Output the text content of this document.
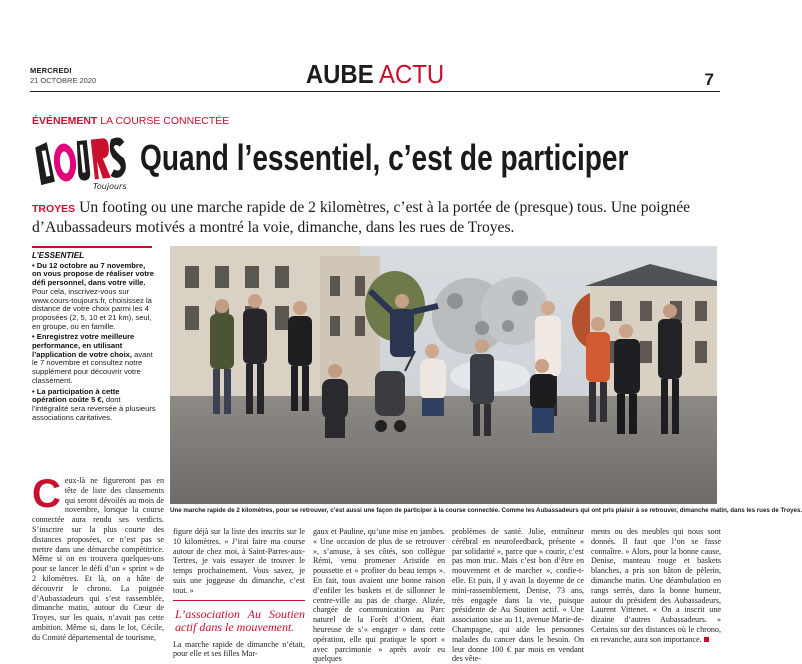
MERCREDI
21 OCTOBRE 2020	AUBE ACTU	7
ÉVÉNEMENT LA COURSE CONNECTÉE
Toujours
Quand l’essentiel, c’est de participer
TROYES Un footing ou une marche rapide de 2 kilomètres, c’est à la portée de (presque) tous. Une poignée d’Aubassadeurs motivés a montré la voie, dimanche, dans les rues de Troyes.
L’ESSENTIEL
• Du 12 octobre au 7 novembre, on vous propose de réaliser votre défi personnel, dans votre ville. Pour cela, inscrivez-vous sur www.cours-toujours.fr, choisissez la distance de votre choix parmi les 4 proposées (2, 5, 10 et 21 km), seul, en groupe, ou en famille.
• Enregistrez votre meilleure performance, en utilisant l’application de votre choix, avant le 7 novembre et consultez notre supplément pour découvrir votre classement.
• La participation à cette opération coûte 5 €, dont l’intégralité sera reversée à plusieurs associations caritatives.
Une marche rapide de 2 kilomètres, pour se retrouver, c’est aussi une façon de participer à la course connectée. Comme les Aubassadeurs qui ont pris plaisir à se retrouver, dimanche matin, dans les rues de Troyes.
Ceux-là ne figureront pas en tête de liste des classements qui seront dévoilés au mois de novembre, lorsque la course connectée aura rendu ses verdicts. S’inscrire sur la plus courte des distances proposées, ce n’est pas se mettre dans une démarche compétitrice. Même si on en trouvera quelques-uns pour se lancer le défi d’un « sprint » de 2 kilomètres. Et là, on a hâte de découvrir le chrono. La poignée d’Aubassadeurs qui s’est rassemblée, dimanche matin, autour du Cœur de Troyes, sur les quais, n’avait pas cette ambition. Même si, dans le lot, Cécile, du Comité départemental de tourisme,
figure déjà sur la liste des inscrits sur le 10 kilomètres. « J’irai faire ma course autour de chez moi, à Saint-Parres-aux-Tertres, je vais essayer de trouver le temps prochainement. Vous savez, je suis une joggeuse du dimanche, c’est tout. »
L’association Au Soutien actif dans le mouvement.
La marche rapide de dimanche n’était, pour elle et ses filles Mar-
gaux et Pauline, qu’une mise en jambes. « Une occasion de plus de se retrouver », s’amuse, à ses côtés, son collègue Rémi, venu promener Aristide en poussette et « profiter du beau temps ». En fait, tous avaient une bonne raison d’enfiler les baskets et de sillonner le centre-ville au pas de charge. Alizée, chargée de communication au Parc naturel de la Forêt d’Orient, était heureuse de s’« engager » dans cette opération, elle qui pratique le sport « avec parcimonie » après avoir eu quelques
problèmes de santé. Julie, entraîneur cérébral en neurofeedback, présente « par solidarité », parce que « courir, c’est pas mon truc. Mais c’est bon d’être en mouvement et de marcher », confie-t-elle. Et puis, il y avait la doyenne de ce mini-rassemblement, Denise, 73 ans, très engagée dans la vie, puisque présidente de Au Soutien actif. « Une association sise au 11, avenue Marie-de-Champagne, qui aide les personnes malades du cancer dans le besoin. On leur donne 100 € par mois en vendant des vête-
ments ou des meubles qui nous sont donnés. Il faut que l’on se fasse connaître. » Alors, pour la bonne cause, Denise, manteau rouge et baskets blanches, a pris son bâton de pèlerin, dimanche matin. Une déambulation en rangs serrés, dans la bonne humeur, autour du président des Aubassadeurs, Laurent Vittenet. « On a inscrit une dizaine d’autres Aubassadeurs. » Certains sur des distances où le chrono, en revanche, aura son importance.
